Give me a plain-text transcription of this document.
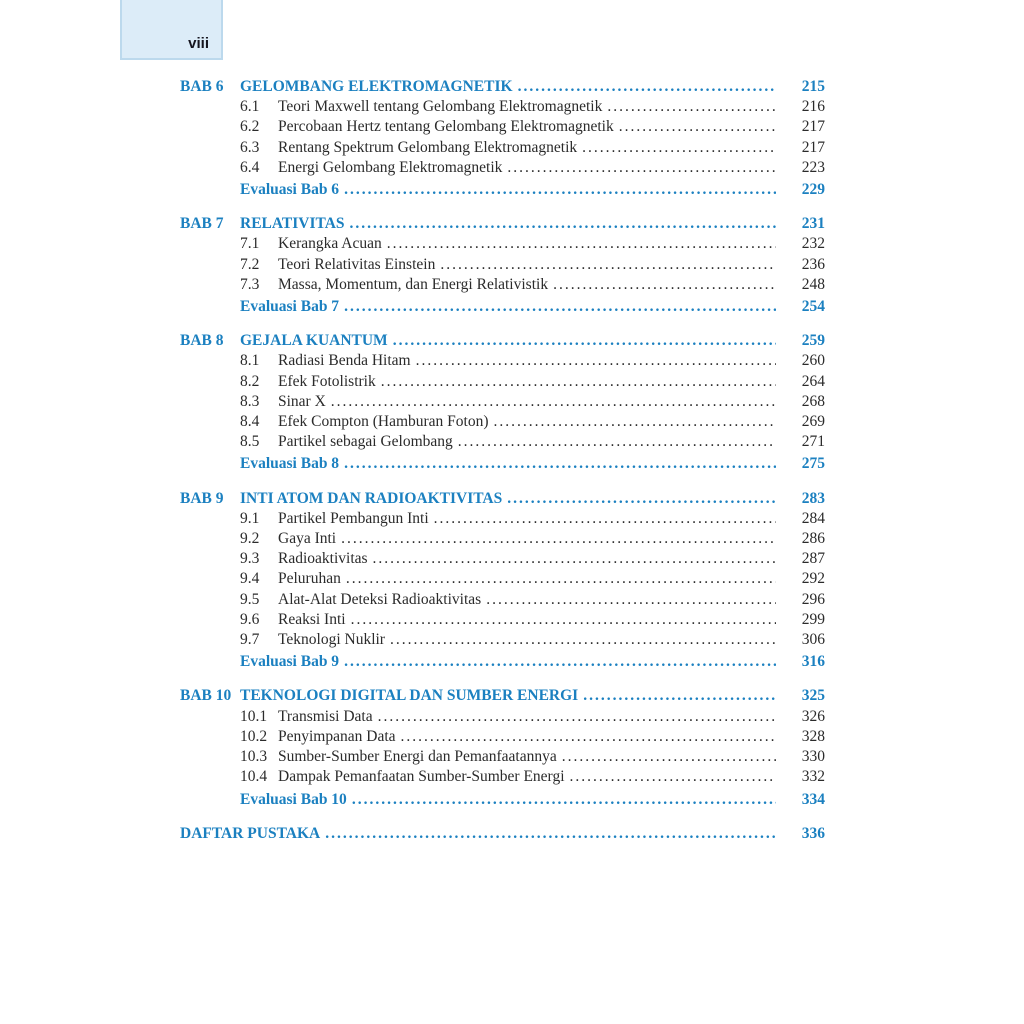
viii
BAB 6	GELOMBANG ELEKTROMAGNETIK .....	215
6.1	Teori Maxwell tentang Gelombang Elektromagnetik .....	216
6.2	Percobaan Hertz tentang Gelombang Elektromagnetik .....	217
6.3	Rentang Spektrum Gelombang Elektromagnetik .....	217
6.4	Energi Gelombang Elektromagnetik .....	223
Evaluasi Bab 6 .....	229
BAB 7	RELATIVITAS .....	231
7.1	Kerangka Acuan .....	232
7.2	Teori Relativitas Einstein .....	236
7.3	Massa, Momentum, dan Energi Relativistik .....	248
Evaluasi Bab 7 .....	254
BAB 8	GEJALA KUANTUM .....	259
8.1	Radiasi Benda Hitam .....	260
8.2	Efek Fotolistrik .....	264
8.3	Sinar X .....	268
8.4	Efek Compton (Hamburan Foton) .....	269
8.5	Partikel sebagai Gelombang .....	271
Evaluasi Bab 8 .....	275
BAB 9	INTI ATOM DAN RADIOAKTIVITAS .....	283
9.1	Partikel Pembangun Inti .....	284
9.2	Gaya Inti .....	286
9.3	Radioaktivitas .....	287
9.4	Peluruhan .....	292
9.5	Alat-Alat Deteksi Radioaktivitas .....	296
9.6	Reaksi Inti .....	299
9.7	Teknologi Nuklir .....	306
Evaluasi Bab 9 .....	316
BAB 10 TEKNOLOGI DIGITAL DAN SUMBER ENERGI .....	325
10.1 Transmisi Data .....	326
10.2 Penyimpanan Data .....	328
10.3 Sumber-Sumber Energi dan Pemanfaatannya .....	330
10.4 Dampak Pemanfaatan Sumber-Sumber Energi .....	332
Evaluasi Bab 10 .....	334
DAFTAR PUSTAKA .....	336
